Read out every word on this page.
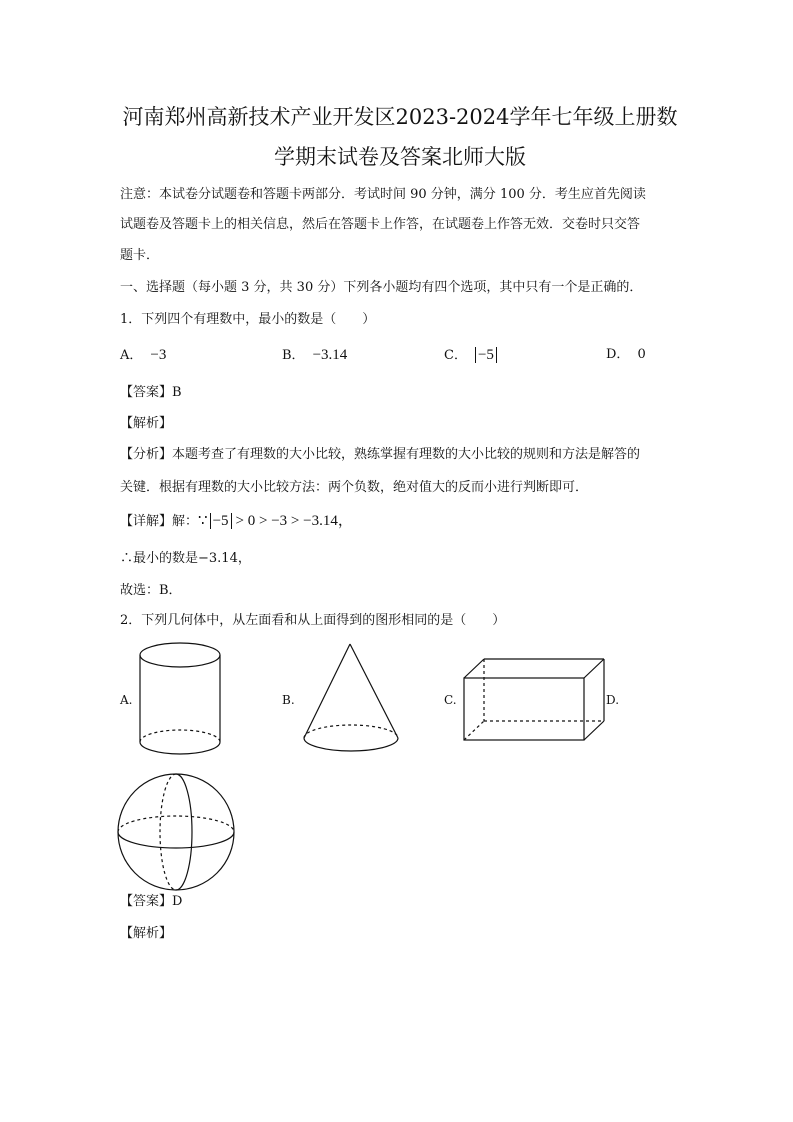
河南郑州高新技术产业开发区2023-2024学年七年级上册数
学期末试卷及答案北师大版
注意：本试卷分试题卷和答题卡两部分．考试时间 90 分钟，满分 100 分．考生应首先阅读
试题卷及答题卡上的相关信息，然后在答题卡上作答，在试题卷上作答无效．交卷时只交答
题卡．
一、选择题（每小题 3 分，共 30 分）下列各小题均有四个选项，其中只有一个是正确的．
1．下列四个有理数中，最小的数是（　　）
A． −3	B． −3.14	C． −5	D． 0
【答案】B
【解析】
【分析】本题考查了有理数的大小比较，熟练掌握有理数的大小比较的规则和方法是解答的
关键．根据有理数的大小比较方法：两个负数，绝对值大的反而小进行判断即可．
【详解】解：∵ −5 > 0 > −3 > −3.14，
∴最小的数是−3.14，
故选：B．
2．下列几何体中，从左面看和从上面得到的图形相同的是（　　）
A.	B.	C.	D.
【答案】D
【解析】
